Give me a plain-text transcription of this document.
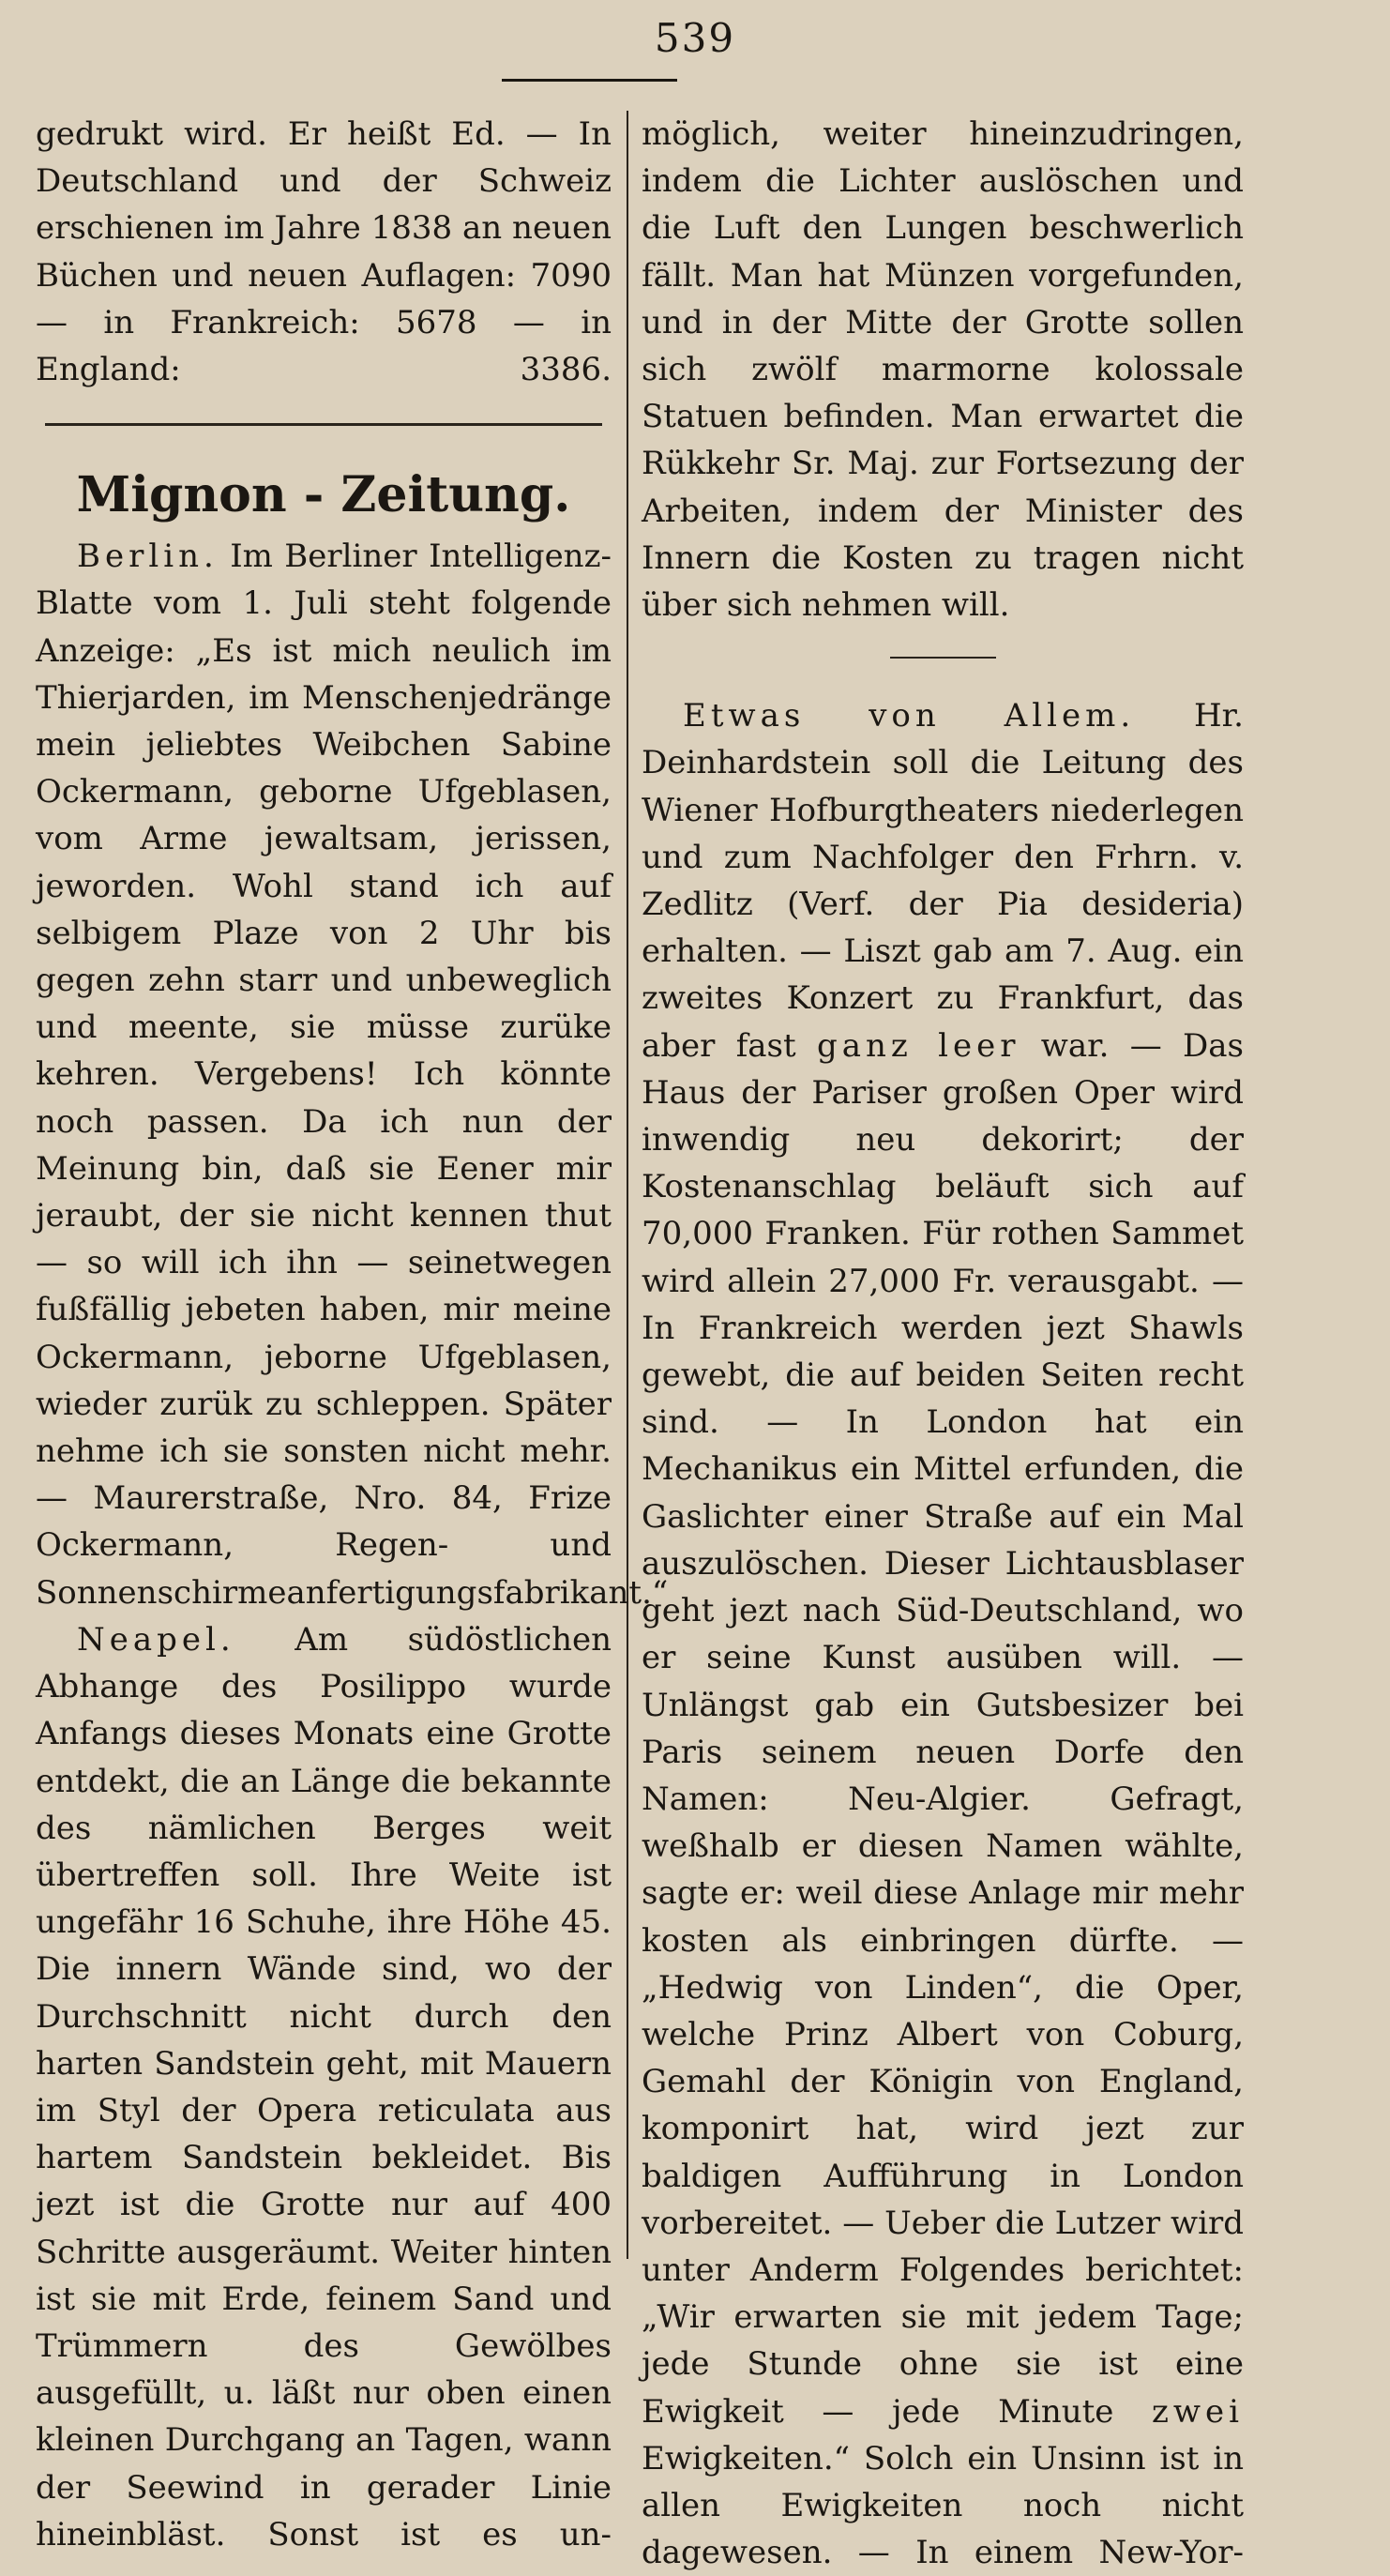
539

gedrukt wird. Er heißt Ed. — In Deutschland und der Schweiz erschienen im Jahre 1838 an neuen Büchen und neuen Auflagen: 7090 — in Frankreich: 5678 — in England: 3386.

Mignon - Zeitung.

Berlin. Im Berliner Intelligenz-Blatte vom 1. Juli steht folgende Anzeige: „Es ist mich neulich im Thierjarden, im Menschenjedränge mein jeliebtes Weibchen Sabine Ockermann, geborne Ufgeblasen, vom Arme jewaltsam, jerissen, jeworden. Wohl stand ich auf selbigem Plaze von 2 Uhr bis gegen zehn starr und unbeweglich und meente, sie müsse zurüke kehren. Vergebens! Ich könnte noch passen. Da ich nun der Meinung bin, daß sie Eener mir jeraubt, der sie nicht kennen thut — so will ich ihn — seinetwegen fußfällig jebeten haben, mir meine Ockermann, jeborne Ufgeblasen, wieder zurük zu schleppen. Später nehme ich sie sonsten nicht mehr. — Maurerstraße, Nro. 84, Frize Ockermann, Regen- und Sonnenschirmeanfertigungsfabrikant.“

Neapel. Am südöstlichen Abhange des Posilippo wurde Anfangs dieses Monats eine Grotte entdekt, die an Länge die bekannte des nämlichen Berges weit übertreffen soll. Ihre Weite ist ungefähr 16 Schuhe, ihre Höhe 45. Die innern Wände sind, wo der Durchschnitt nicht durch den harten Sandstein geht, mit Mauern im Styl der Opera reticulata aus hartem Sandstein bekleidet. Bis jezt ist die Grotte nur auf 400 Schritte ausgeräumt. Weiter hinten ist sie mit Erde, feinem Sand und Trümmern des Gewölbes ausgefüllt, u. läßt nur oben einen kleinen Durchgang an Tagen, wann der Seewind in gerader Linie hineinbläst. Sonst ist es un-

möglich, weiter hineinzudringen, indem die Lichter auslöschen und die Luft den Lungen beschwerlich fällt. Man hat Münzen vorgefunden, und in der Mitte der Grotte sollen sich zwölf marmorne kolossale Statuen befinden. Man erwartet die Rükkehr Sr. Maj. zur Fortsezung der Arbeiten, indem der Minister des Innern die Kosten zu tragen nicht über sich nehmen will.

Etwas von Allem. Hr. Deinhardstein soll die Leitung des Wiener Hofburgtheaters niederlegen und zum Nachfolger den Frhrn. v. Zedlitz (Verf. der Pia desideria) erhalten. — Liszt gab am 7. Aug. ein zweites Konzert zu Frankfurt, das aber fast ganz leer war. — Das Haus der Pariser großen Oper wird inwendig neu dekorirt; der Kostenanschlag beläuft sich auf 70,000 Franken. Für rothen Sammet wird allein 27,000 Fr. verausgabt. — In Frankreich werden jezt Shawls gewebt, die auf beiden Seiten recht sind. — In London hat ein Mechanikus ein Mittel erfunden, die Gaslichter einer Straße auf ein Mal auszulöschen. Dieser Lichtausblaser geht jezt nach Süd-Deutschland, wo er seine Kunst ausüben will. — Unlängst gab ein Gutsbesizer bei Paris seinem neuen Dorfe den Namen: Neu-Algier. Gefragt, weßhalb er diesen Namen wählte, sagte er: weil diese Anlage mir mehr kosten als einbringen dürfte. — „Hedwig von Linden“, die Oper, welche Prinz Albert von Coburg, Gemahl der Königin von England, komponirt hat, wird jezt zur baldigen Aufführung in London vorbereitet. — Ueber die Lutzer wird unter Anderm Folgendes berichtet: „Wir erwarten sie mit jedem Tage; jede Stunde ohne sie ist eine Ewigkeit — jede Minute zwei Ewigkeiten.“ Solch ein Unsinn ist in allen Ewigkeiten noch nicht dagewesen. — In einem New-Yor-
